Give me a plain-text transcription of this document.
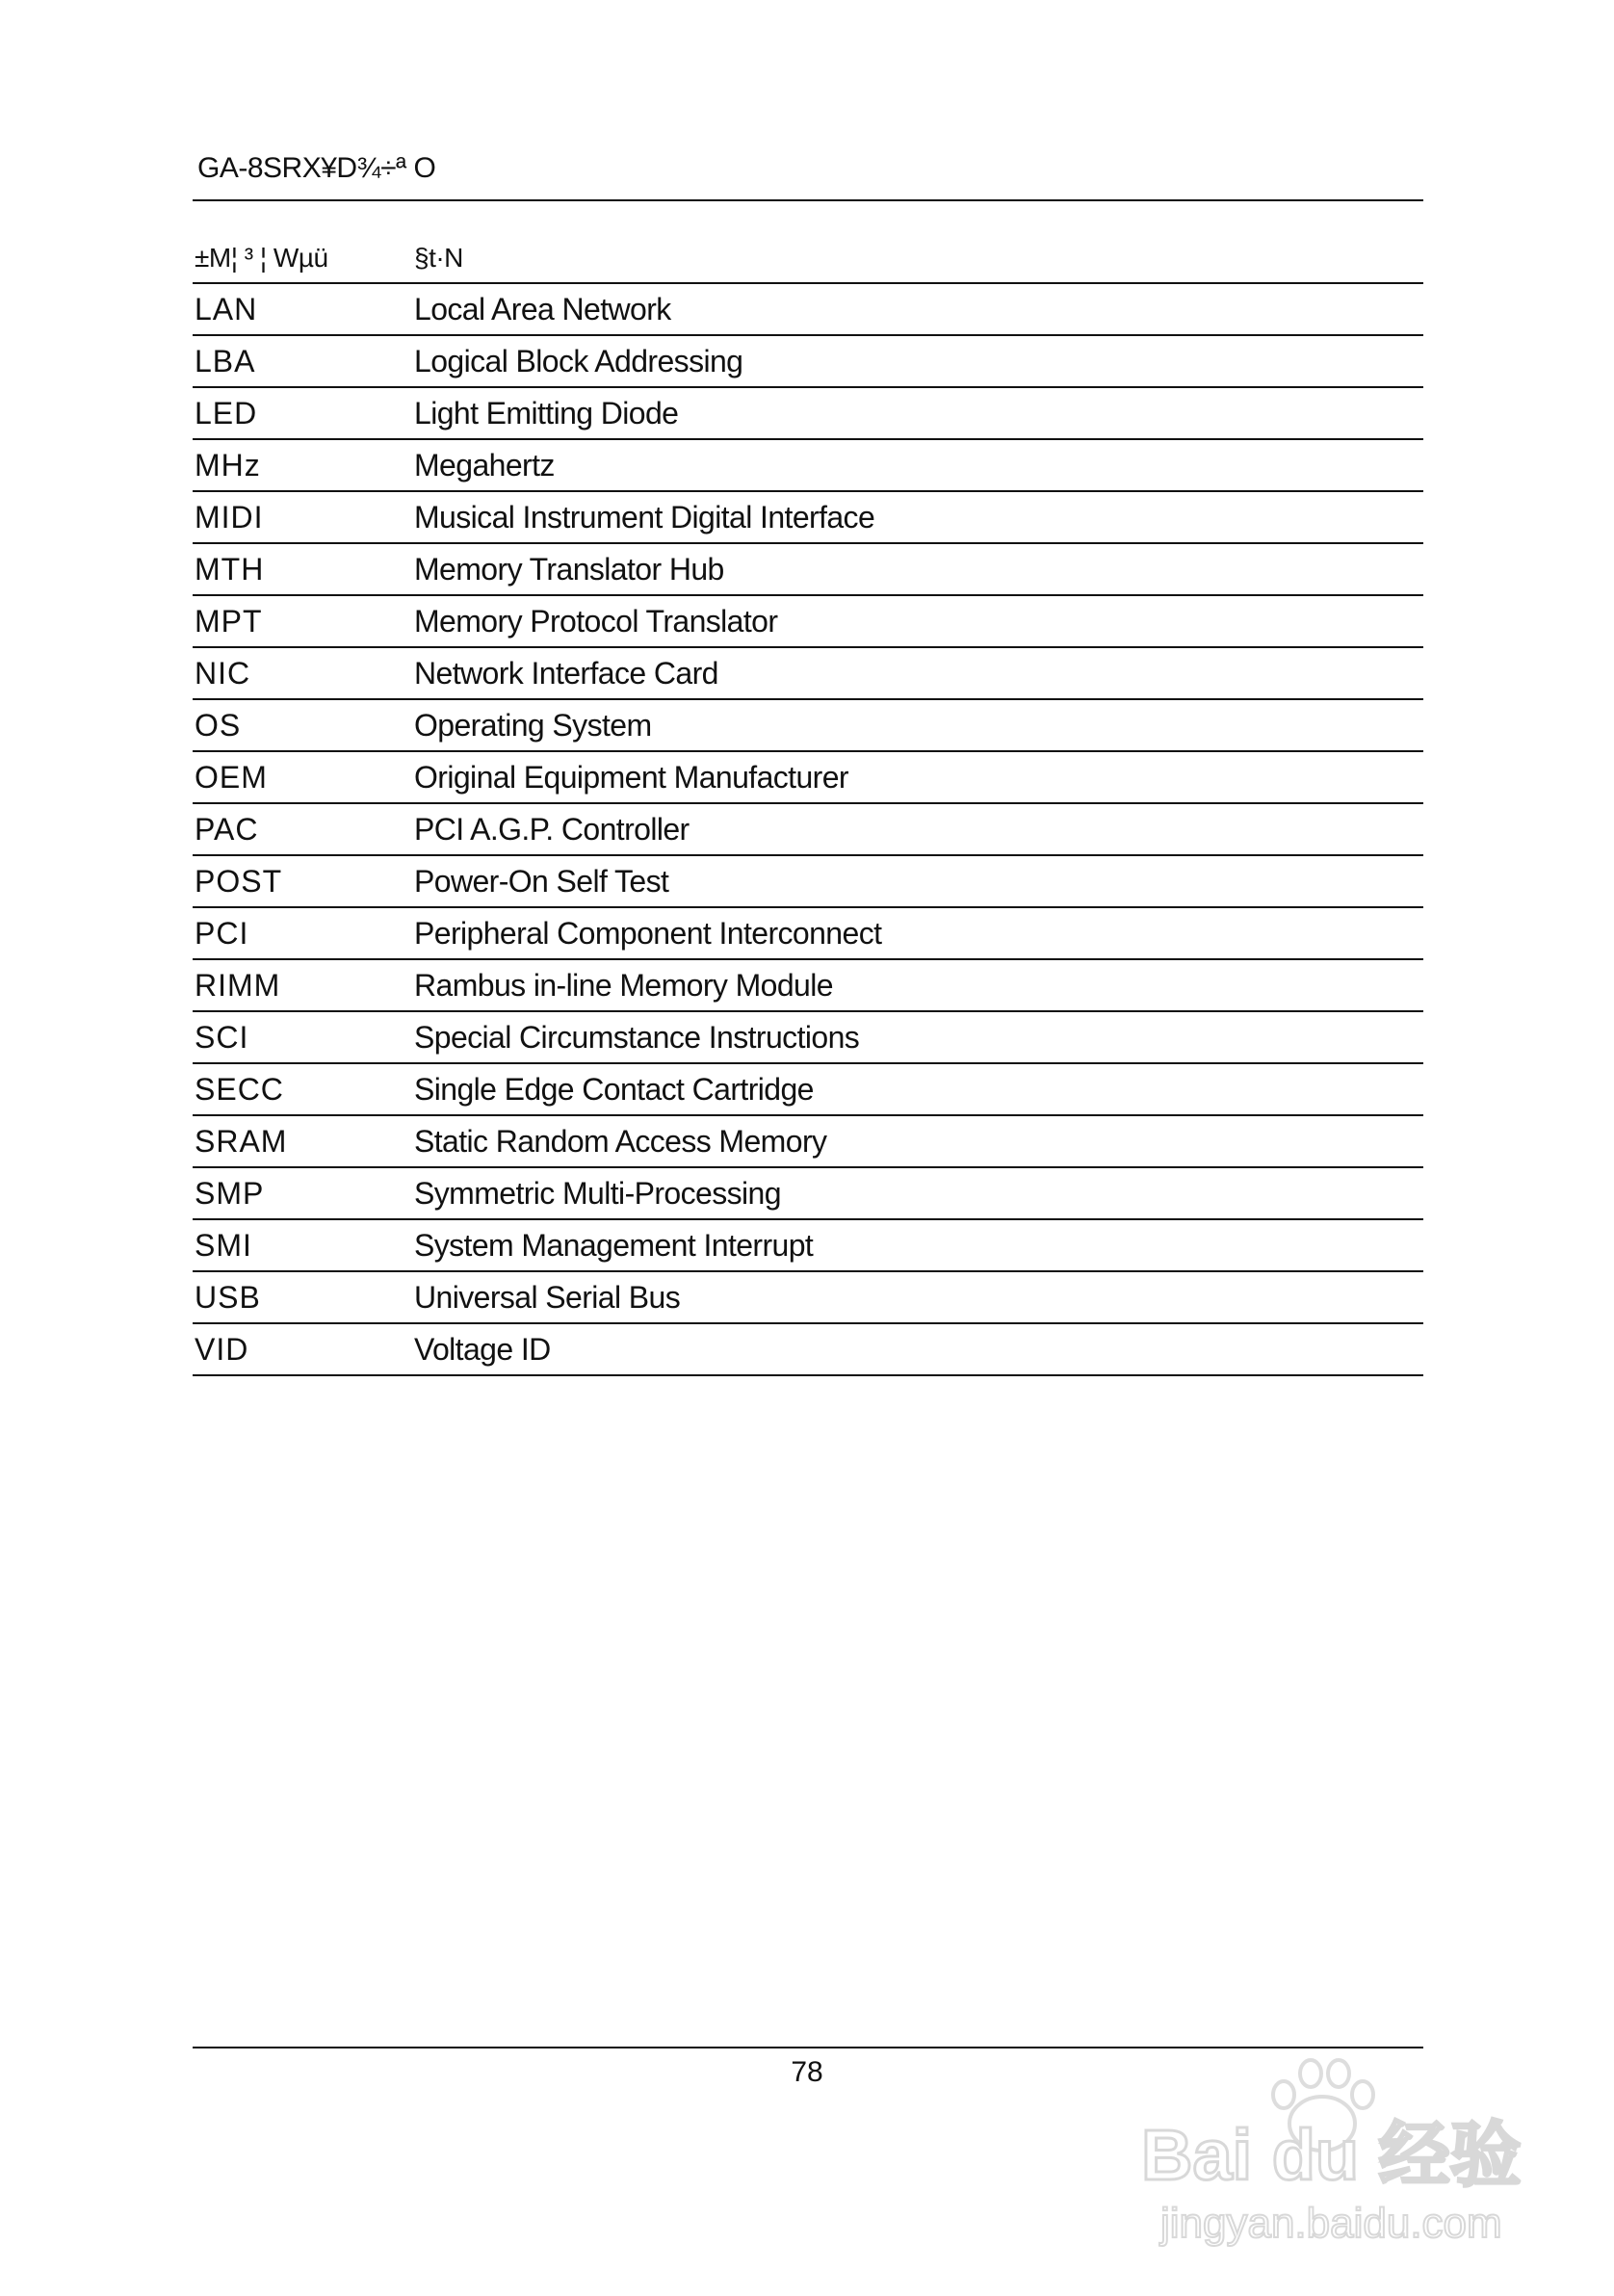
GA-8SRX¥D¾÷ª O
±M¦ ³ ¦ Wµü	§t·N
LAN	Local Area Network
LBA	Logical Block Addressing
LED	Light Emitting Diode
MHz	Megahertz
MIDI	Musical Instrument Digital Interface
MTH	Memory Translator Hub
MPT	Memory Protocol Translator
NIC	Network Interface Card
OS	Operating System
OEM	Original Equipment Manufacturer
PAC	PCI A.G.P. Controller
POST	Power-On Self Test
PCI	Peripheral Component Interconnect
RIMM	Rambus in-line Memory Module
SCI	Special Circumstance Instructions
SECC	Single Edge Contact Cartridge
SRAM	Static Random Access Memory
SMP	Symmetric Multi-Processing
SMI	System Management Interrupt
USB	Universal Serial Bus
VID	Voltage ID
78
Bai du 经验
jingyan.baidu.com
